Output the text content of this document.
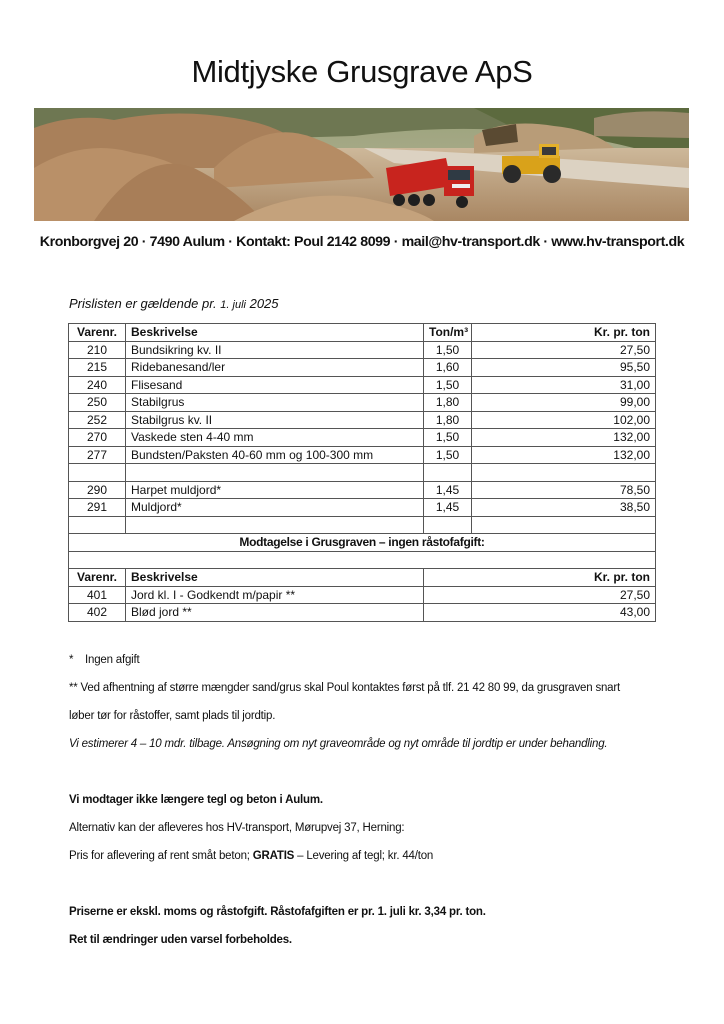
Midtjyske Grusgrave ApS
Kronborgvej 20 · 7490 Aulum · Kontakt: Poul 2142 8099 · mail@hv-transport.dk · www.hv-transport.dk
Prislisten er gældende pr. 1. juli 2025
Varenr.	Beskrivelse	Ton/m³	Kr. pr. ton
210	Bundsikring kv. II	1,50	27,50
215	Ridebanesand/ler	1,60	95,50
240	Flisesand	1,50	31,00
250	Stabilgrus	1,80	99,00
252	Stabilgrus kv. II	1,80	102,00
270	Vaskede sten 4-40 mm	1,50	132,00
277	Bundsten/Paksten 40-60 mm og 100-300 mm	1,50	132,00

290	Harpet muldjord*	1,45	78,50
291	Muldjord*	1,45	38,50

Modtagelse i Grusgraven – ingen råstofafgift:			

Varenr.	Beskrivelse	Kr. pr. ton	
401	Jord kl. I - Godkendt m/papir **	27,50	
402	Blød jord **	43,00	
* Ingen afgift
** Ved afhentning af større mængder sand/grus skal Poul kontaktes først på tlf. 21 42 80 99, da grusgraven snart
løber tør for råstoffer, samt plads til jordtip.
Vi estimerer 4 – 10 mdr. tilbage. Ansøgning om nyt graveområde og nyt område til jordtip er under behandling.
Vi modtager ikke længere tegl og beton i Aulum.
Alternativ kan der afleveres hos HV-transport, Mørupvej 37, Herning:
Pris for aflevering af rent småt beton; GRATIS – Levering af tegl; kr. 44/ton
Priserne er ekskl. moms og råstofgift. Råstofafgiften er pr. 1. juli kr. 3,34 pr. ton.
Ret til ændringer uden varsel forbeholdes.
